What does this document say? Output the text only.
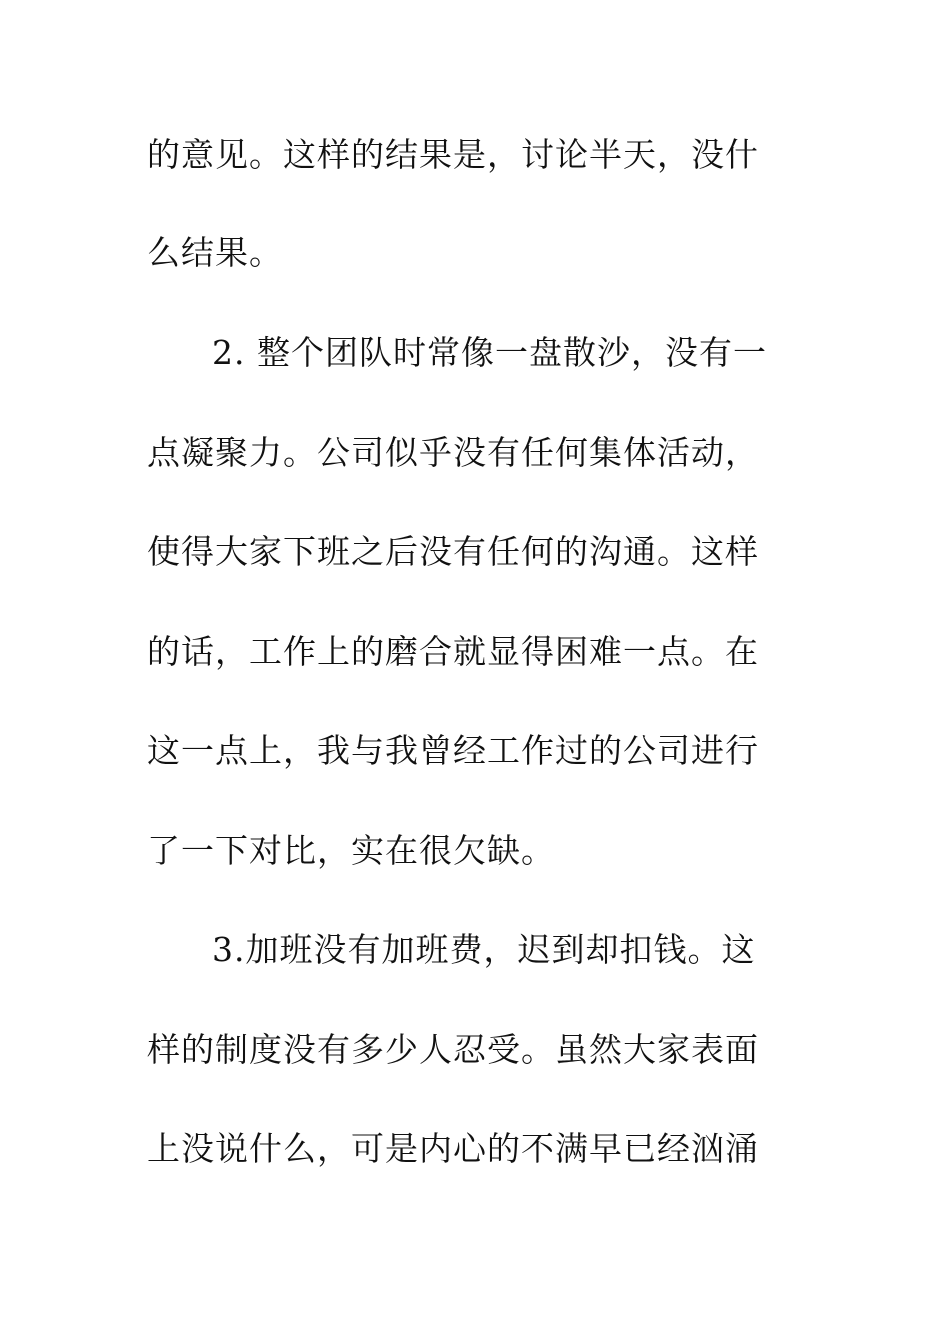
的意见。这样的结果是，讨论半天，没什
么结果。
2. 整个团队时常像一盘散沙，没有一
点凝聚力。公司似乎没有任何集体活动，
使得大家下班之后没有任何的沟通。这样
的话，工作上的磨合就显得困难一点。在
这一点上，我与我曾经工作过的公司进行
了一下对比，实在很欠缺。
3.加班没有加班费，迟到却扣钱。这
样的制度没有多少人忍受。虽然大家表面
上没说什么，可是内心的不满早已经汹涌
